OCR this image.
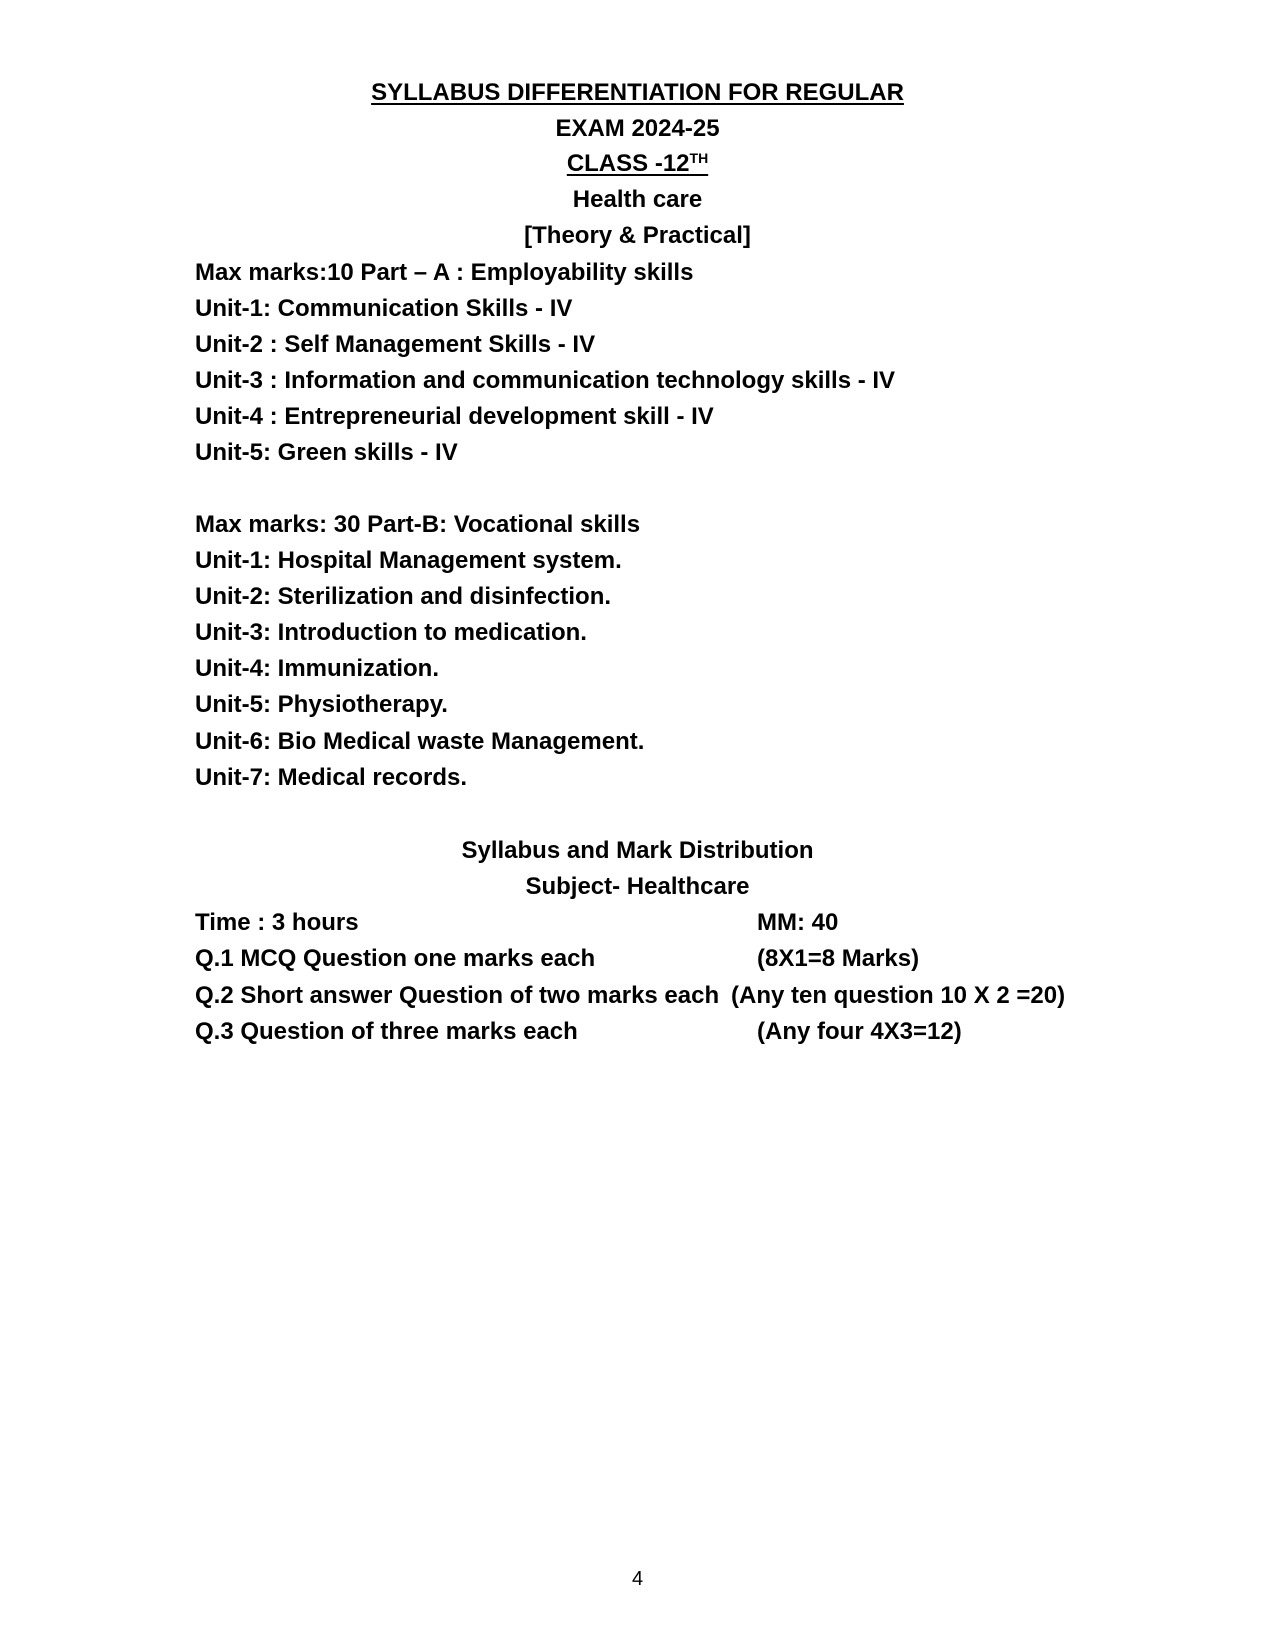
SYLLABUS DIFFERENTIATION FOR REGULAR
EXAM 2024-25
CLASS -12TH
Health care
[Theory & Practical]
Max marks:10 Part – A : Employability skills
Unit-1: Communication Skills - IV
Unit-2 : Self Management Skills - IV
Unit-3 : Information and communication technology skills - IV
Unit-4 : Entrepreneurial development skill - IV
Unit-5: Green skills - IV
Max marks: 30 Part-B: Vocational skills
Unit-1: Hospital Management system.
Unit-2: Sterilization and disinfection.
Unit-3: Introduction to medication.
Unit-4: Immunization.
Unit-5: Physiotherapy.
Unit-6: Bio Medical waste Management.
Unit-7: Medical records.
Syllabus and Mark Distribution
Subject- Healthcare
Time : 3 hours	MM: 40
Q.1 MCQ Question one marks each	(8X1=8 Marks)
Q.2 Short answer Question of two marks each (Any ten question 10 X 2 =20)
Q.3 Question of three marks each	(Any four 4X3=12)
4
